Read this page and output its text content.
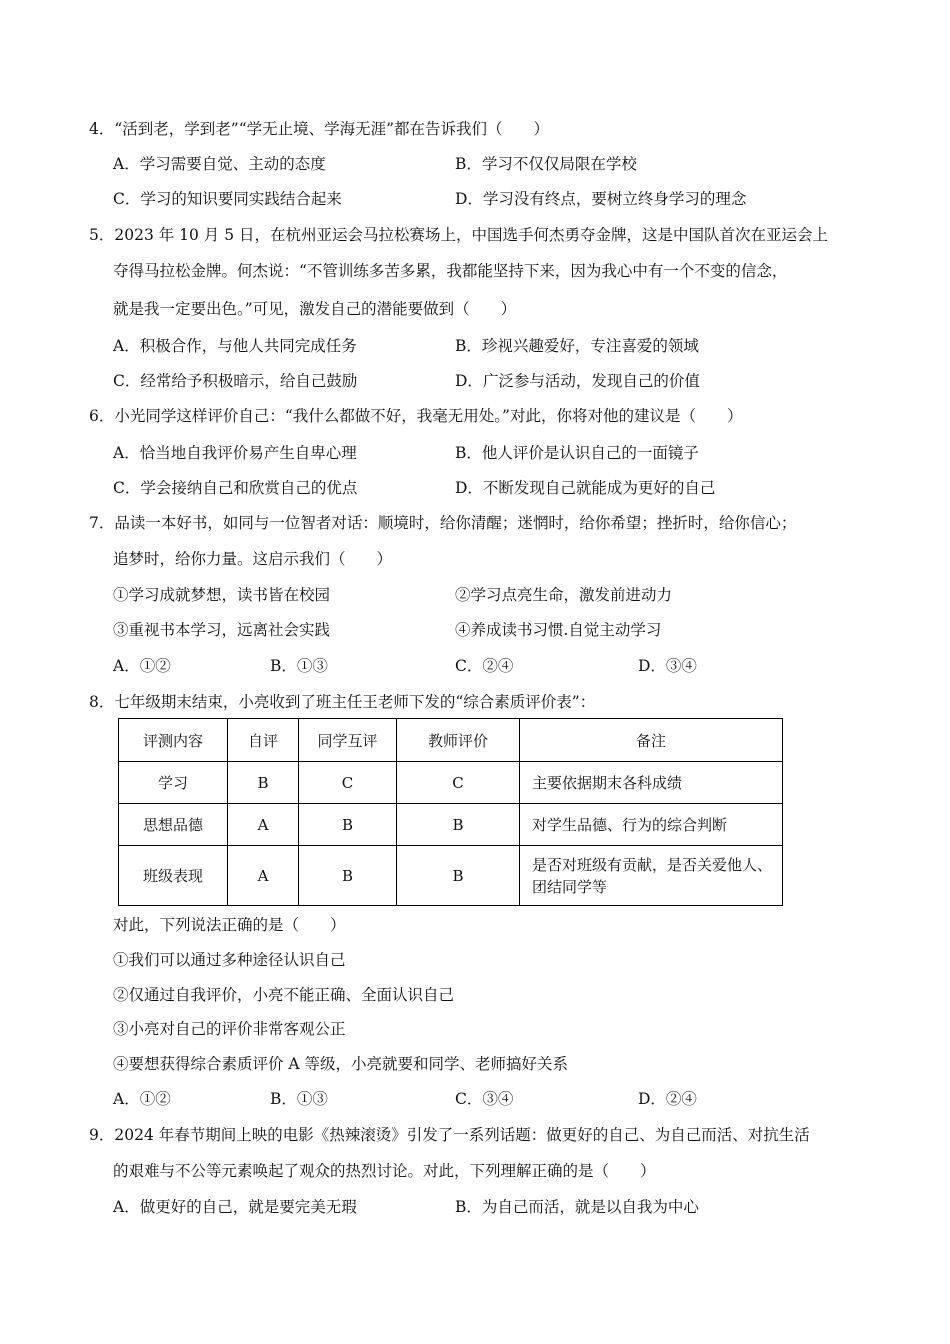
4．“活到老，学到老”“学无止境、学海无涯”都在告诉我们（　　）
A．学习需要自觉、主动的态度	B．学习不仅仅局限在学校
C．学习的知识要同实践结合起来	D．学习没有终点，要树立终身学习的理念
5．2023 年 10 月 5 日，在杭州亚运会马拉松赛场上，中国选手何杰勇夺金牌，这是中国队首次在亚运会上
夺得马拉松金牌。何杰说：“不管训练多苦多累，我都能坚持下来，因为我心中有一个不变的信念，
就是我一定要出色。”可见，激发自己的潜能要做到（　　）
A．积极合作，与他人共同完成任务	B．珍视兴趣爱好，专注喜爱的领域
C．经常给予积极暗示，给自己鼓励	D．广泛参与活动，发现自己的价值
6．小光同学这样评价自己：“我什么都做不好，我毫无用处。”对此，你将对他的建议是（　　）
A．恰当地自我评价易产生自卑心理	B．他人评价是认识自己的一面镜子
C．学会接纳自己和欣赏自己的优点	D．不断发现自己就能成为更好的自己
7．品读一本好书，如同与一位智者对话：顺境时，给你清醒；迷惘时，给你希望；挫折时，给你信心；
追梦时，给你力量。这启示我们（　　）
①学习成就梦想，读书皆在校园	②学习点亮生命，激发前进动力
③重视书本学习，远离社会实践	④养成读书习惯.自觉主动学习
A．①②	B．①③	C．②④	D．③④
8．七年级期末结束，小亮收到了班主任王老师下发的“综合素质评价表”：
评测内容	自评	同学互评	教师评价	备注
学习	B	C	C	主要依据期末各科成绩
思想品德	A	B	B	对学生品德、行为的综合判断
班级表现	A	B	B	是否对班级有贡献，是否关爱他人、团结同学等
对此，下列说法正确的是（　　）
①我们可以通过多种途径认识自己
②仅通过自我评价，小亮不能正确、全面认识自己
③小亮对自己的评价非常客观公正
④要想获得综合素质评价 A 等级，小亮就要和同学、老师搞好关系
A．①②	B．①③	C．③④	D．②④
9．2024 年春节期间上映的电影《热辣滚烫》引发了一系列话题：做更好的自己、为自己而活、对抗生活
的艰难与不公等元素唤起了观众的热烈讨论。对此，下列理解正确的是（　　）
A．做更好的自己，就是要完美无瑕	B．为自己而活，就是以自我为中心
